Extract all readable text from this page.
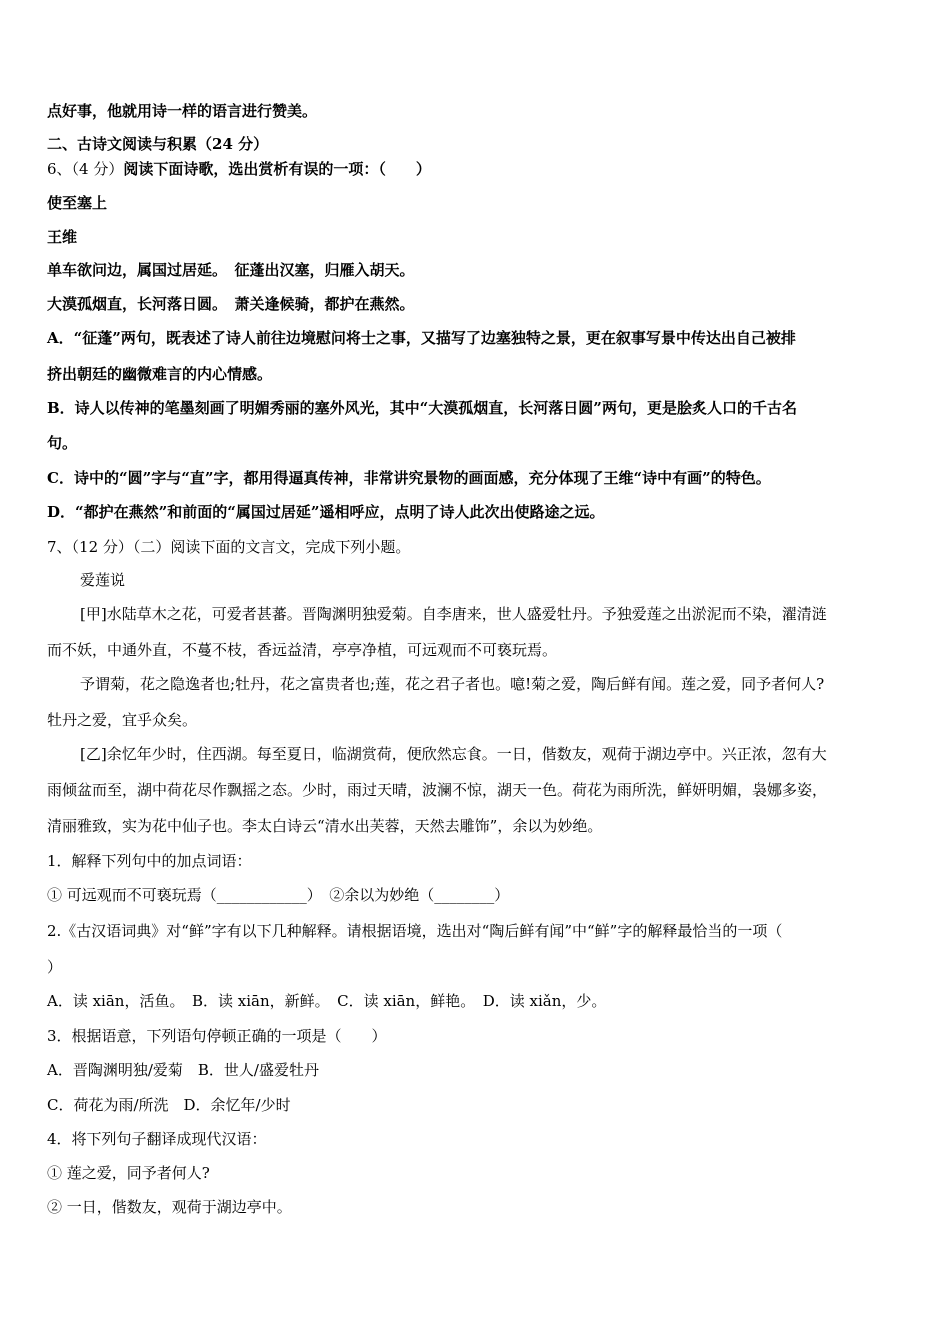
点好事，他就用诗一样的语言进行赞美。
二、古诗文阅读与积累（24 分）
6、（4 分）阅读下面诗歌，选出赏析有误的一项：（　　）
使至塞上
王维
单车欲问边，属国过居延。　征蓬出汉塞，归雁入胡天。
大漠孤烟直，长河落日圆。　萧关逢候骑，都护在燕然。
A．“征蓬”两句，既表述了诗人前往边境慰问将士之事，又描写了边塞独特之景，更在叙事写景中传达出自己被排
挤出朝廷的幽微难言的内心情感。
B．诗人以传神的笔墨刻画了明媚秀丽的塞外风光，其中“大漠孤烟直，长河落日圆”两句，更是脍炙人口的千古名
句。
C．诗中的“圆”字与“直”字，都用得逼真传神，非常讲究景物的画面感，充分体现了王维“诗中有画”的特色。
D．“都护在燕然”和前面的“属国过居延”遥相呼应，点明了诗人此次出使路途之远。
7、（12 分）（二）阅读下面的文言文，完成下列小题。
爱莲说
[甲]水陆草木之花，可爱者甚蕃。晋陶渊明独爱菊。自李唐来，世人盛爱牡丹。予独爱莲之出淤泥而不染，濯清涟
而不妖，中通外直，不蔓不枝，香远益清，亭亭净植，可远观而不可亵玩焉。
予谓菊，花之隐逸者也;牡丹，花之富贵者也;莲，花之君子者也。噫!菊之爱，陶后鲜有闻。莲之爱，同予者何人?
牡丹之爱，宜乎众矣。
[乙]余忆年少时，住西湖。每至夏日，临湖赏荷，便欣然忘食。一日，偕数友，观荷于湖边亭中。兴正浓，忽有大
雨倾盆而至，湖中荷花尽作飘摇之态。少时，雨过天晴，波澜不惊，湖天一色。荷花为雨所洗，鲜妍明媚，袅娜多姿，
清丽雅致，实为花中仙子也。李太白诗云“清水出芙蓉，天然去雕饰”，余以为妙绝。
1．解释下列句中的加点词语：
① 可远观而不可亵玩焉（____________）　②余以为妙绝（________）
2.《古汉语词典》对“鲜”字有以下几种解释。请根据语境，选出对“陶后鲜有闻”中“鲜”字的解释最恰当的一项（
）
A．读 xiān，活鱼。　B．读 xiān，新鲜。　C．读 xiān，鲜艳。　D．读 xiǎn，少。
3．根据语意，下列语句停顿正确的一项是（　　）
A．晋陶渊明独/爱菊　B．世人/盛爱牡丹
C．荷花为雨/所洗　D．余忆年/少时
4．将下列句子翻译成现代汉语：
① 莲之爱，同予者何人?
② 一日，偕数友，观荷于湖边亭中。
